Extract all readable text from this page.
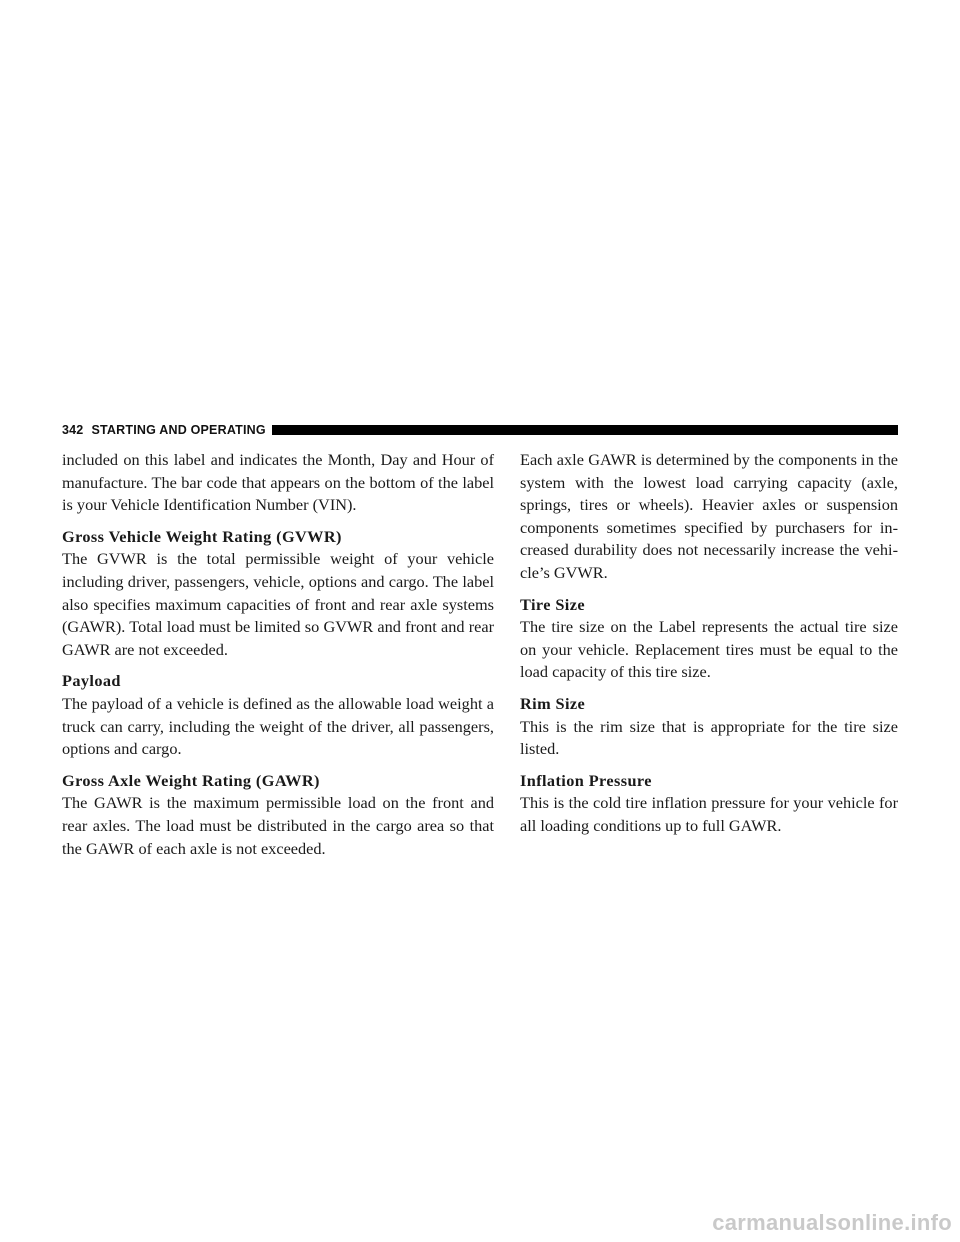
342 STARTING AND OPERATING

included on this label and indicates the Month, Day and Hour of manufacture. The bar code that appears on the bottom of the label is your Vehicle Identification Number (VIN).

Gross Vehicle Weight Rating (GVWR)

The GVWR is the total permissible weight of your vehicle including driver, passengers, vehicle, options and cargo. The label also specifies maximum capacities of front and rear axle systems (GAWR). Total load must be limited so GVWR and front and rear GAWR are not exceeded.

Payload

The payload of a vehicle is defined as the allowable load weight a truck can carry, including the weight of the driver, all passengers, options and cargo.

Gross Axle Weight Rating (GAWR)

The GAWR is the maximum permissible load on the front and rear axles. The load must be distributed in the cargo area so that the GAWR of each axle is not exceeded.

Each axle GAWR is determined by the components in the system with the lowest load carrying capacity (axle, springs, tires or wheels). Heavier axles or suspension components sometimes specified by purchasers for in-creased durability does not necessarily increase the vehi-cle’s GVWR.

Tire Size

The tire size on the Label represents the actual tire size on your vehicle. Replacement tires must be equal to the load capacity of this tire size.

Rim Size

This is the rim size that is appropriate for the tire size listed.

Inflation Pressure

This is the cold tire inflation pressure for your vehicle for all loading conditions up to full GAWR.

carmanualsonline.info
